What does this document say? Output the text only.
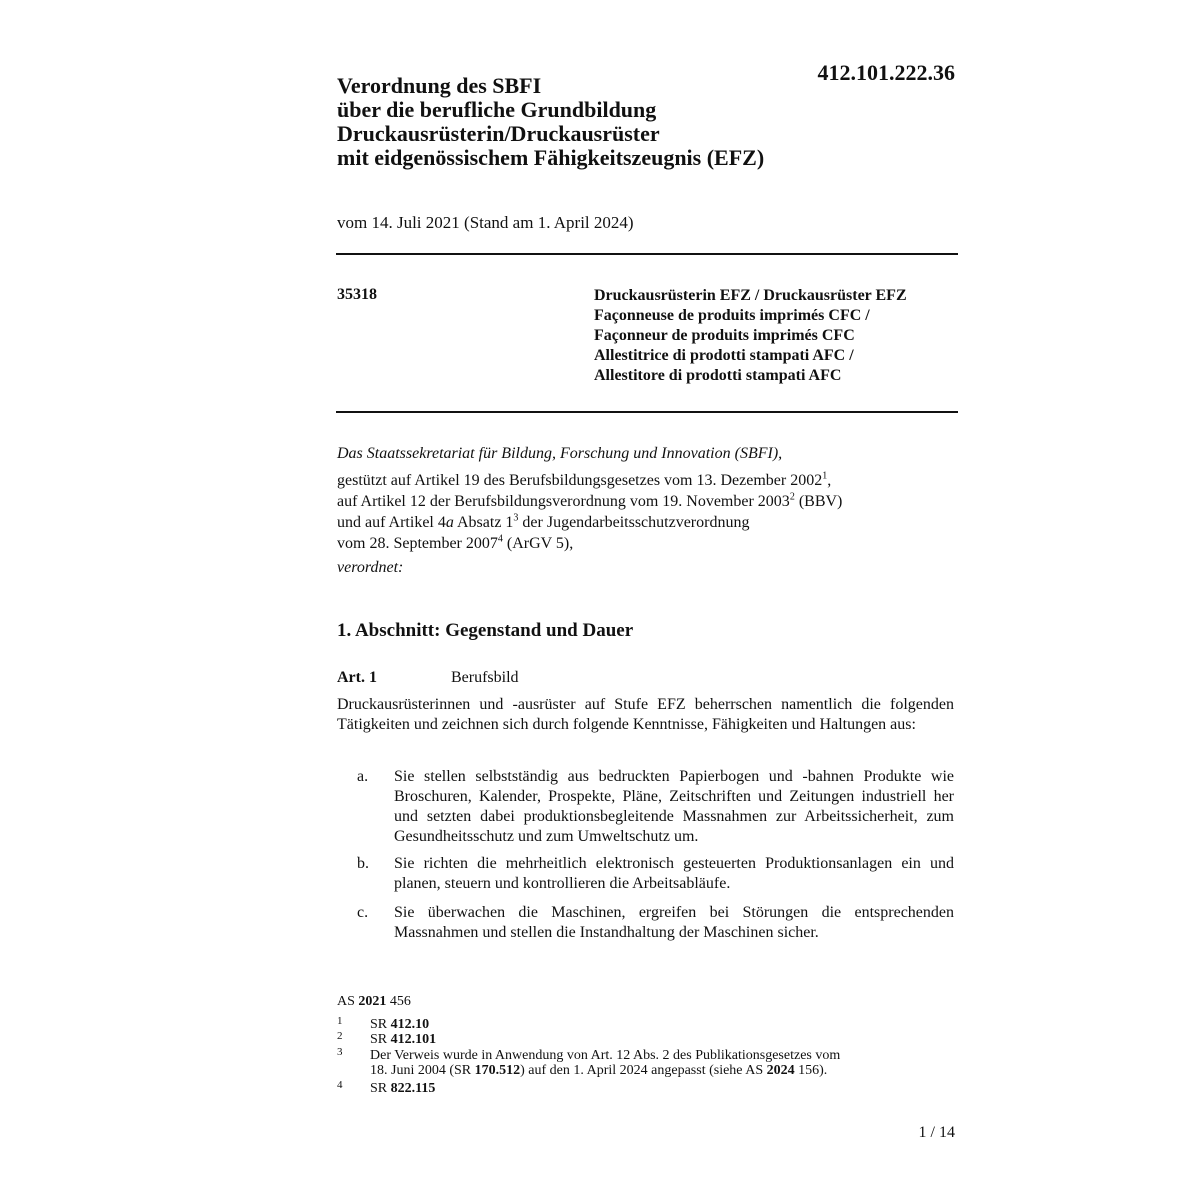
412.101.222.36
Verordnung des SBFI
über die berufliche Grundbildung
Druckausrüsterin/Druckausrüster
mit eidgenössischem Fähigkeitszeugnis (EFZ)
vom 14. Juli 2021 (Stand am 1. April 2024)
35318	Druckausrüsterin EFZ / Druckausrüster EFZ
Façonneuse de produits imprimés CFC /
Façonneur de produits imprimés CFC
Allestitrice di prodotti stampati AFC /
Allestitore di prodotti stampati AFC

Das Staatssekretariat für Bildung, Forschung und Innovation (SBFI),

gestützt auf Artikel 19 des Berufsbildungsgesetzes vom 13. Dezember 2002$^1$,

auf Artikel 12 der Berufsbildungsverordnung vom 19. November 2003$^2$ (BBV)

und auf Artikel 4a Absatz $1^3$ der Jugendarbeitsschutzverordnung

vom 28. September 2007$^4$ (ArGV 5),

verordnet:

1. Abschnitt: Gegenstand und Dauer
Art. 1	Berufsbild
Druckausrüsterinnen und -ausrüster auf Stufe EFZ beherrschen namentlich die folgenden Tätigkeiten und zeichnen sich durch folgende Kenntnisse, Fähigkeiten und Haltungen aus:
a. Sie stellen selbstständig aus bedruckten Papierbogen und -bahnen Produkte wie Broschuren, Kalender, Prospekte, Pläne, Zeitschriften und Zeitungen industriell her und setzten dabei produktionsbegleitende Massnahmen zur Arbeitssicherheit, zum Gesundheitsschutz und zum Umweltschutz um.
b. Sie richten die mehrheitlich elektronisch gesteuerten Produktionsanlagen ein und planen, steuern und kontrollieren die Arbeitsabläufe.
c. Sie überwachen die Maschinen, ergreifen bei Störungen die entsprechenden Massnahmen und stellen die Instandhaltung der Maschinen sicher.
AS 2021 456
1 SR 412.10
2 SR 412.101
3 Der Verweis wurde in Anwendung von Art. 12 Abs. 2 des Publikationsgesetzes vom
18. Juni 2004 (SR 170.512) auf den 1. April 2024 angepasst (siehe AS 2024 156).
4 SR 822.115
1 / 14
